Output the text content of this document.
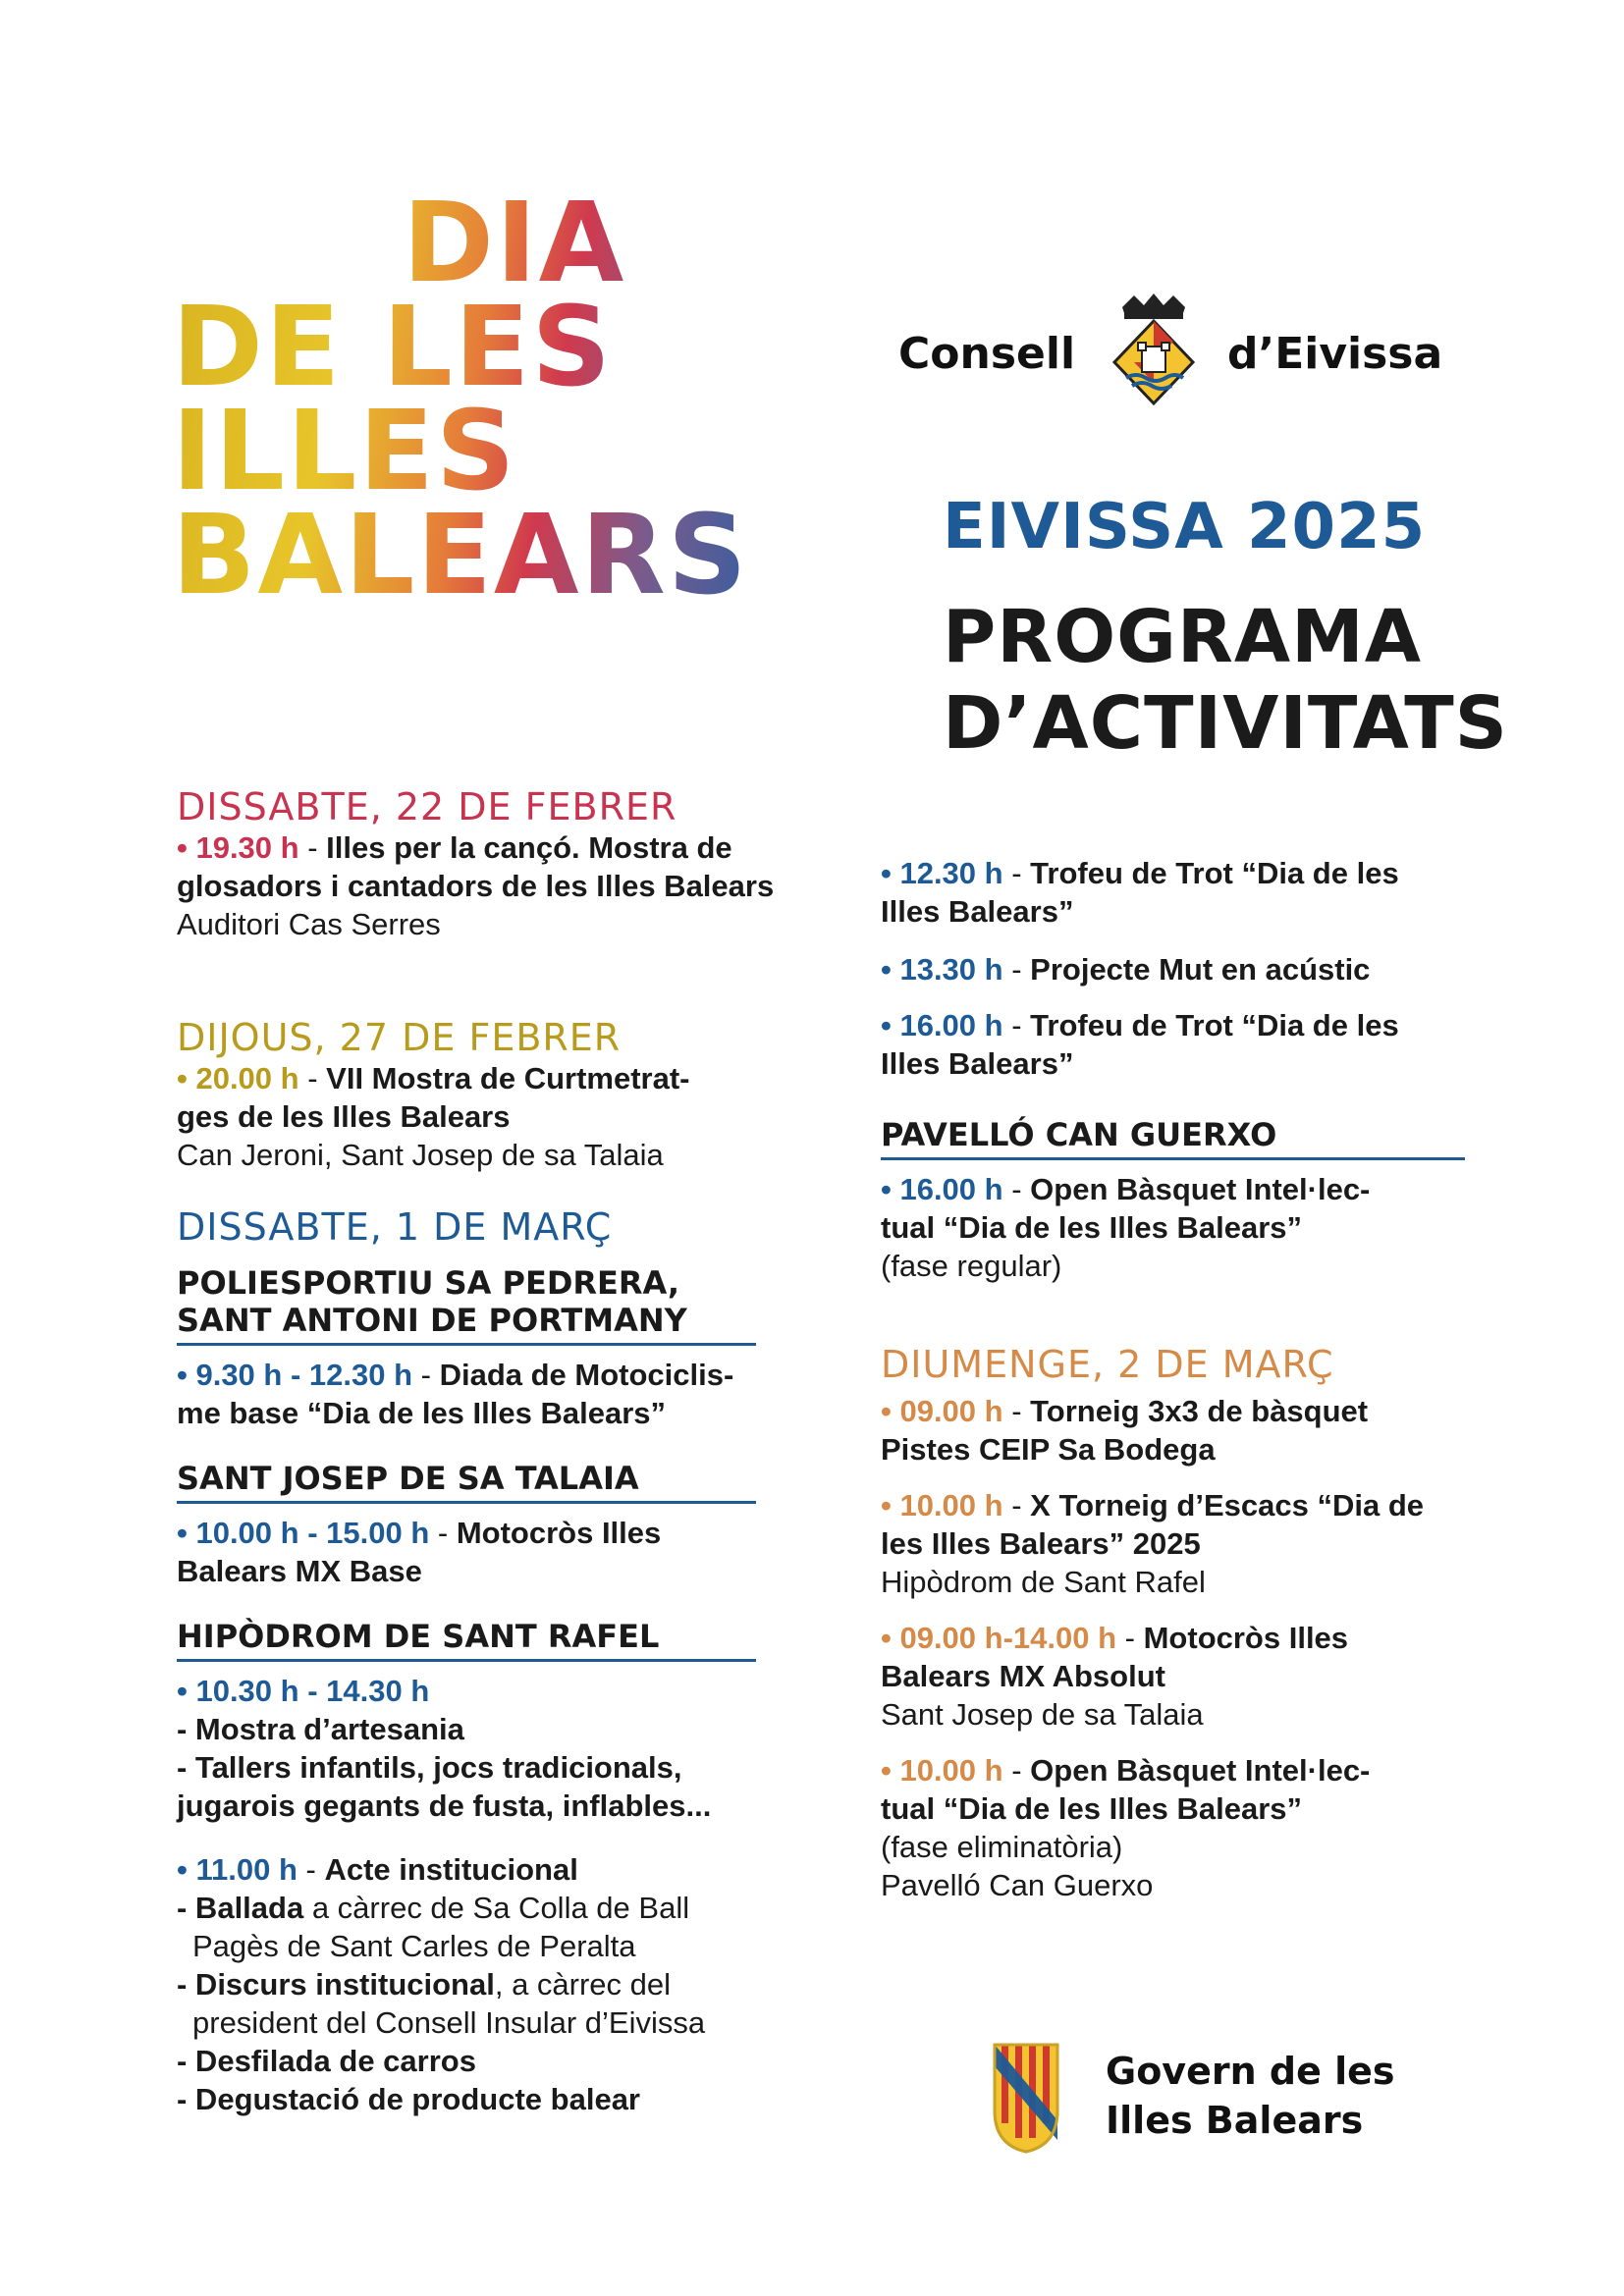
DIA
DE LES
ILLES
BALEARS
Consell	d’Eivissa
EIVISSA 2025
PROGRAMA
D’ACTIVITATS
DISSABTE, 22 DE FEBRER
• 19.30 h - Illes per la cançó. Mostra de glosadors i cantadors de les Illes Balears
Auditori Cas Serres
DIJOUS, 27 DE FEBRER
• 20.00 h - VII Mostra de Curtmetrat-
ges de les Illes Balears
Can Jeroni, Sant Josep de sa Talaia
DISSABTE, 1 DE MARÇ
POLIESPORTIU SA PEDRERA,
SANT ANTONI DE PORTMANY
• 9.30 h - 12.30 h - Diada de Motociclis-
me base “Dia de les Illes Balears”
SANT JOSEP DE SA TALAIA
• 10.00 h - 15.00 h - Motocròs Illes
Balears MX Base
HIPÒDROM DE SANT RAFEL
• 10.30 h - 14.30 h
- Mostra d’artesania
- Tallers infantils, jocs tradicionals,
jugarois gegants de fusta, inflables...
• 11.00 h - Acte institucional
- Ballada a càrrec de Sa Colla de Ball
Pagès de Sant Carles de Peralta
- Discurs institucional, a càrrec del
president del Consell Insular d’Eivissa
- Desfilada de carros
- Degustació de producte balear
• 12.30 h - Trofeu de Trot “Dia de les
Illes Balears”
• 13.30 h - Projecte Mut en acústic
• 16.00 h - Trofeu de Trot “Dia de les
Illes Balears”
PAVELLÓ CAN GUERXO
• 16.00 h - Open Bàsquet Intel·lec-
tual “Dia de les Illes Balears”
(fase regular)
DIUMENGE, 2 DE MARÇ
• 09.00 h - Torneig 3x3 de bàsquet
Pistes CEIP Sa Bodega
• 10.00 h - X Torneig d’Escacs “Dia de
les Illes Balears” 2025
Hipòdrom de Sant Rafel
• 09.00 h-14.00 h - Motocròs Illes
Balears MX Absolut
Sant Josep de sa Talaia
• 10.00 h - Open Bàsquet Intel·lec-
tual “Dia de les Illes Balears”
(fase eliminatòria)
Pavelló Can Guerxo
Govern de les
Illes Balears
